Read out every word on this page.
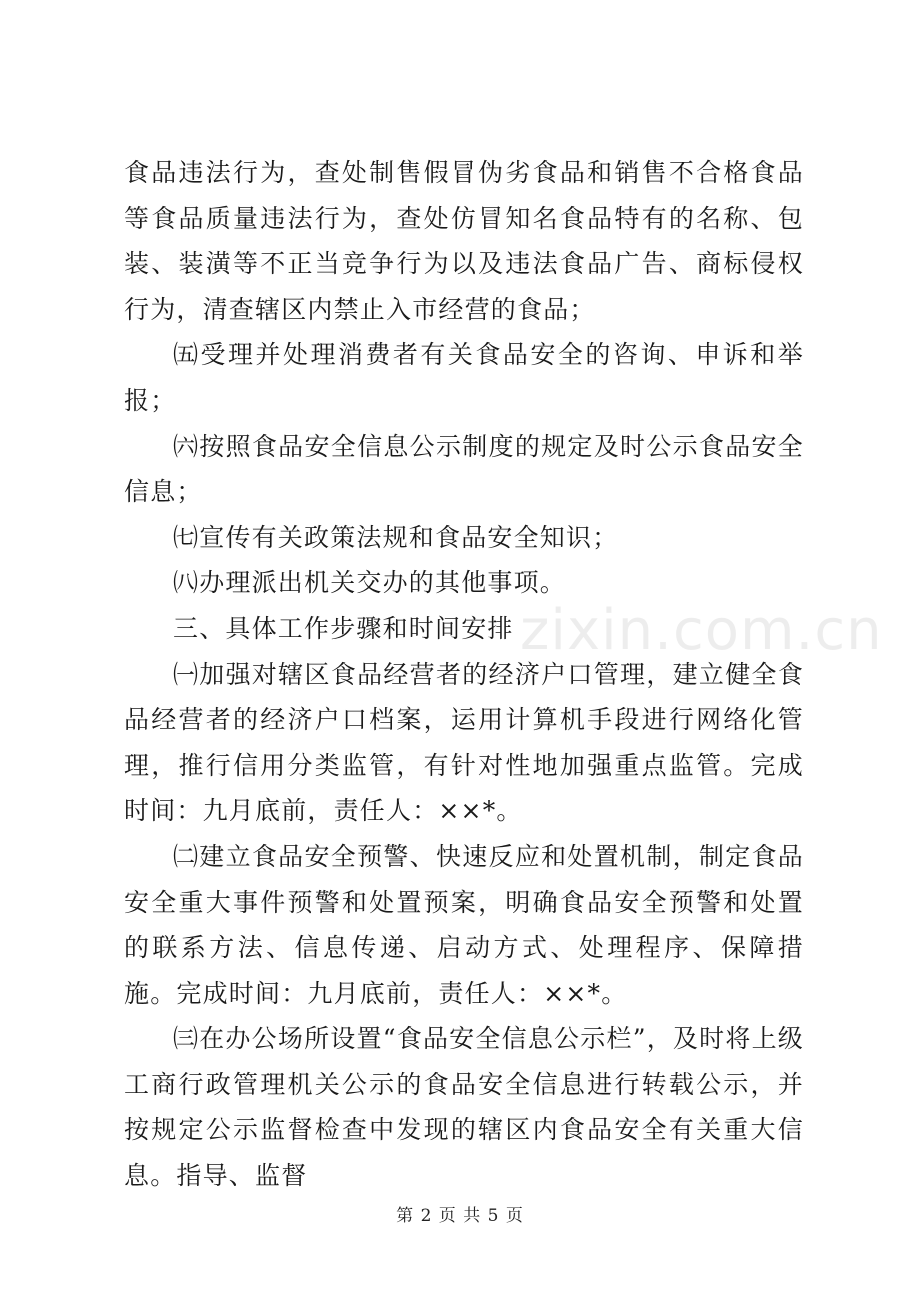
食品违法行为，查处制售假冒伪劣食品和销售不合格食品等食品质量违法行为，查处仿冒知名食品特有的名称、包装、装潢等不正当竞争行为以及违法食品广告、商标侵权行为，清查辖区内禁止入市经营的食品；

㈤受理并处理消费者有关食品安全的咨询、申诉和举报；

㈥按照食品安全信息公示制度的规定及时公示食品安全信息；

㈦宣传有关政策法规和食品安全知识；

㈧办理派出机关交办的其他事项。

三、具体工作步骤和时间安排

㈠加强对辖区食品经营者的经济户口管理，建立健全食品经营者的经济户口档案，运用计算机手段进行网络化管理，推行信用分类监管，有针对性地加强重点监管。完成时间：九月底前，责任人：××*。

㈡建立食品安全预警、快速反应和处置机制，制定食品安全重大事件预警和处置预案，明确食品安全预警和处置的联系方法、信息传递、启动方式、处理程序、保障措施。完成时间：九月底前，责任人：××*。

㈢在办公场所设置“食品安全信息公示栏”，及时将上级工商行政管理机关公示的食品安全信息进行转载公示，并按规定公示监督检查中发现的辖区内食品安全有关重大信息。指导、监督

zixin.com.cn
第 2 页 共 5 页
